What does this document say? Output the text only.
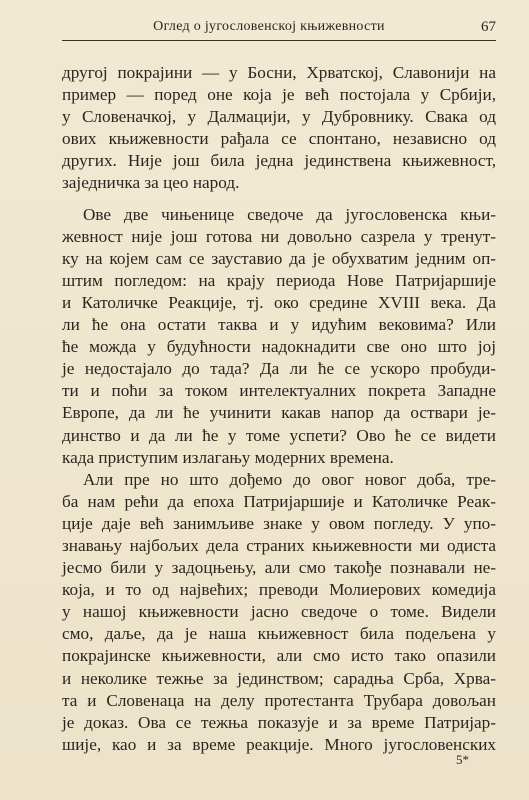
Оглед о југословенској књижевности	67
другој покрајини — у Босни, Хрватској, Славонији на
пример — поред оне која је већ постојала у Србији,
у Словеначкој, у Далмацији, у Дубровнику. Свака од
ових књижевности рађала се спонтано, независно од
других. Није још била једна јединствена књижевност,
заједничка за цео народ.
Ове две чињенице сведоче да југословенска књи-
жевност није још готова ни довољно сазрела у тренут-
ку на којем сам се зауставио да је обухватим једним оп-
штим погледом: на крају периода Нове Патријаршије
и Католичке Реакције, тј. око средине XVIII века. Да
ли ће она остати таква и у идућим вековима? Или
ће можда у будућности надокнадити све оно што јој
је недостајало до тада? Да ли ће се ускоро пробуди-
ти и поћи за током интелектуалних покрета Западне
Европе, да ли ће учинити какав напор да оствари је-
динство и да ли ће у томе успети? Ово ће се видети
када приступим излагању модерних времена.
Али пре но што дођемо до овог новог доба, тре-
ба нам рећи да епоха Патријаршије и Католичке Реак-
ције даје већ занимљиве знаке у овом погледу. У упо-
знавању најбољих дела страних књижевности ми одиста
јесмо били у задоцњењу, али смо такође познавали не-
која, и то од највећих; преводи Молиерових комедија
у нашој књижевности јасно сведоче о томе. Видели
смо, даље, да је наша књижевност била подељена у
покрајинске књижевности, али смо исто тако опазили
и неколике тежње за јединством; сарадња Срба, Хрва-
та и Словенаца на делу протестанта Трубара довољан
је доказ. Ова се тежња показује и за време Патријар-
шије, као и за време реакције. Много југословенских
5*
